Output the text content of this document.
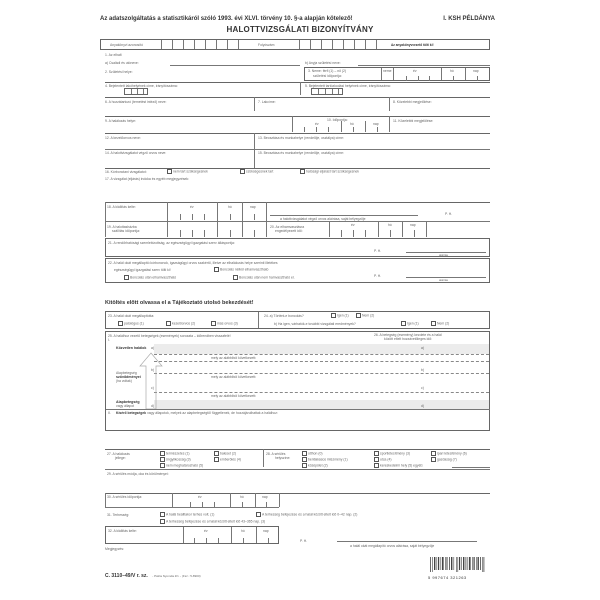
Az adatszolgáltatás a statisztikáról szóló 1993. évi XLVI. törvény 10. §-a alapján kötelező!	I. KSH PÉLDÁNYA
HALOTTVIZSGÁLATI BIZONYÍTVÁNY
Anyakönyvi azonosító	Folyószám	Az anyakönyvvezető tölti ki!
1. Az elhalt
a) Családi és utóneve:	b) Anyja születési neve:
2. Születési helye:	3. Neme: férfi (1) – nő (2)
születési időpontja:
neme	év	hó	nap
4. Bejelentett lakóhelyének címe, irányítószáma:	5. Bejelentett tartózkodási helyének címe, irányítószáma:
6. A hozzátartozó (temetést intéző) neve:	7. Lakcíme:	8. Közelebbi megjelölése:
9. A halálozás helye:	10. Időpontja:
év	hó	nap
11. Közelebbi megjelölése:
12. A kezelőorvos neve:	13. Beosztása és munkahelye (rendelője, osztálya) címe:
14. A halottvizsgálatot végző orvos neve:	15. Beosztása és munkahelye (rendelője, osztálya) címe:
16. Kórbonctani vizsgálatot:	nem tart szükségesnek	szükségesnek tart	hatósági eljárást tart szükségesnek
17. A vizsgálat (eljárás) indoka és egyéb megjegyzések:
18. A kiállítás kelte:	év	hó	nap
a halottvizsgálatot végző orvos aláírása, saját bélyegzője
P. H.
19. A halottasházba
szállítás időpontja:
20. Az elhamvasztásra
engedélyezett idő:
év	hó	nap
21. A rendőrhatósági szemlebizottság, az egészségügyi igazgatási szerv álláspontja:
P. H.
aláírás
22. A halál okát megállapító kórbonc​nok, igazságügyi orvos szakértő, illetve az elhalálozás helye szerinti illetékes
egészségügyi igazgatási szerv tölti ki!	Boncolás nélkül elhamvasztható
Boncolás után elhamvasztható	Boncolás után nem hamvasztható el.	P. H.
aláírás
Kitöltés előtt olvassa el a Tájékoztató utolsó bekezdését!
23. A halál okát megállapította:
patológus (1)	kezelőorvos (2)	más orvos (3)
24. a) Történt-e boncolás?	Igen (1)	Nem (2)
b) Ha igen, várhatók-e további vizsgálati eredmények?	Igen (1)	Nem (2)
25. A halálhoz vezető betegségek (események) sorozata – időrendben visszafelé!
I.
26. A betegség (esemény) kezdete és a halál
között eltelt hozzávetőleges idő:
Közvetlen halálok a)	a)
mely az alábbiból következett:
Alapbetegség
szövődményei
(ha voltak)
b)	b)
mely az alábbiból következett:
c)	c)
mely az alábbiból következett:
Alapbetegség
vagy állapot	d)	d)
II. Kísérő betegségek vagy állapotok, melyek az alapbetegségtől függetlenek, de hozzájárulhattak a halálhoz:
27. A halálozás
jellege:
természetes (1)	baleset (2)
öngyilkosság (3)	emberölés (4)
nem meghatározható (5)
28. A sérülés
helyszíne:
otthon (0)
bentlakásos intézmény (1)
középület (2)
sportlétesítmény (3)
utca (4)
kereskedelmi hely (5) egyéb:
ipari létesítmény (6)
gazdaság (7)
29. A sérülés módja, oka és körülményei:
30. A sérülés időpontja:	év	hó	nap
31. Terhesség:	A halál beálltakor terhes volt. (1)	A terhesség befejezése és a halál között eltelt idő 0–42 nap. (2)
A terhesség befejezése és a halál között eltelt idő 43–365 nap. (3)
32. A kiállítás kelte:	év	hó	nap
P. H.
a halál okát megállapító orvos aláírása, saját bélyegzője
Megjegyzés:
C. 3110–49/V r. sz. - Pátria Nyomda Zrt. - (Fsz.: 5-8900)	5 997674 321263
